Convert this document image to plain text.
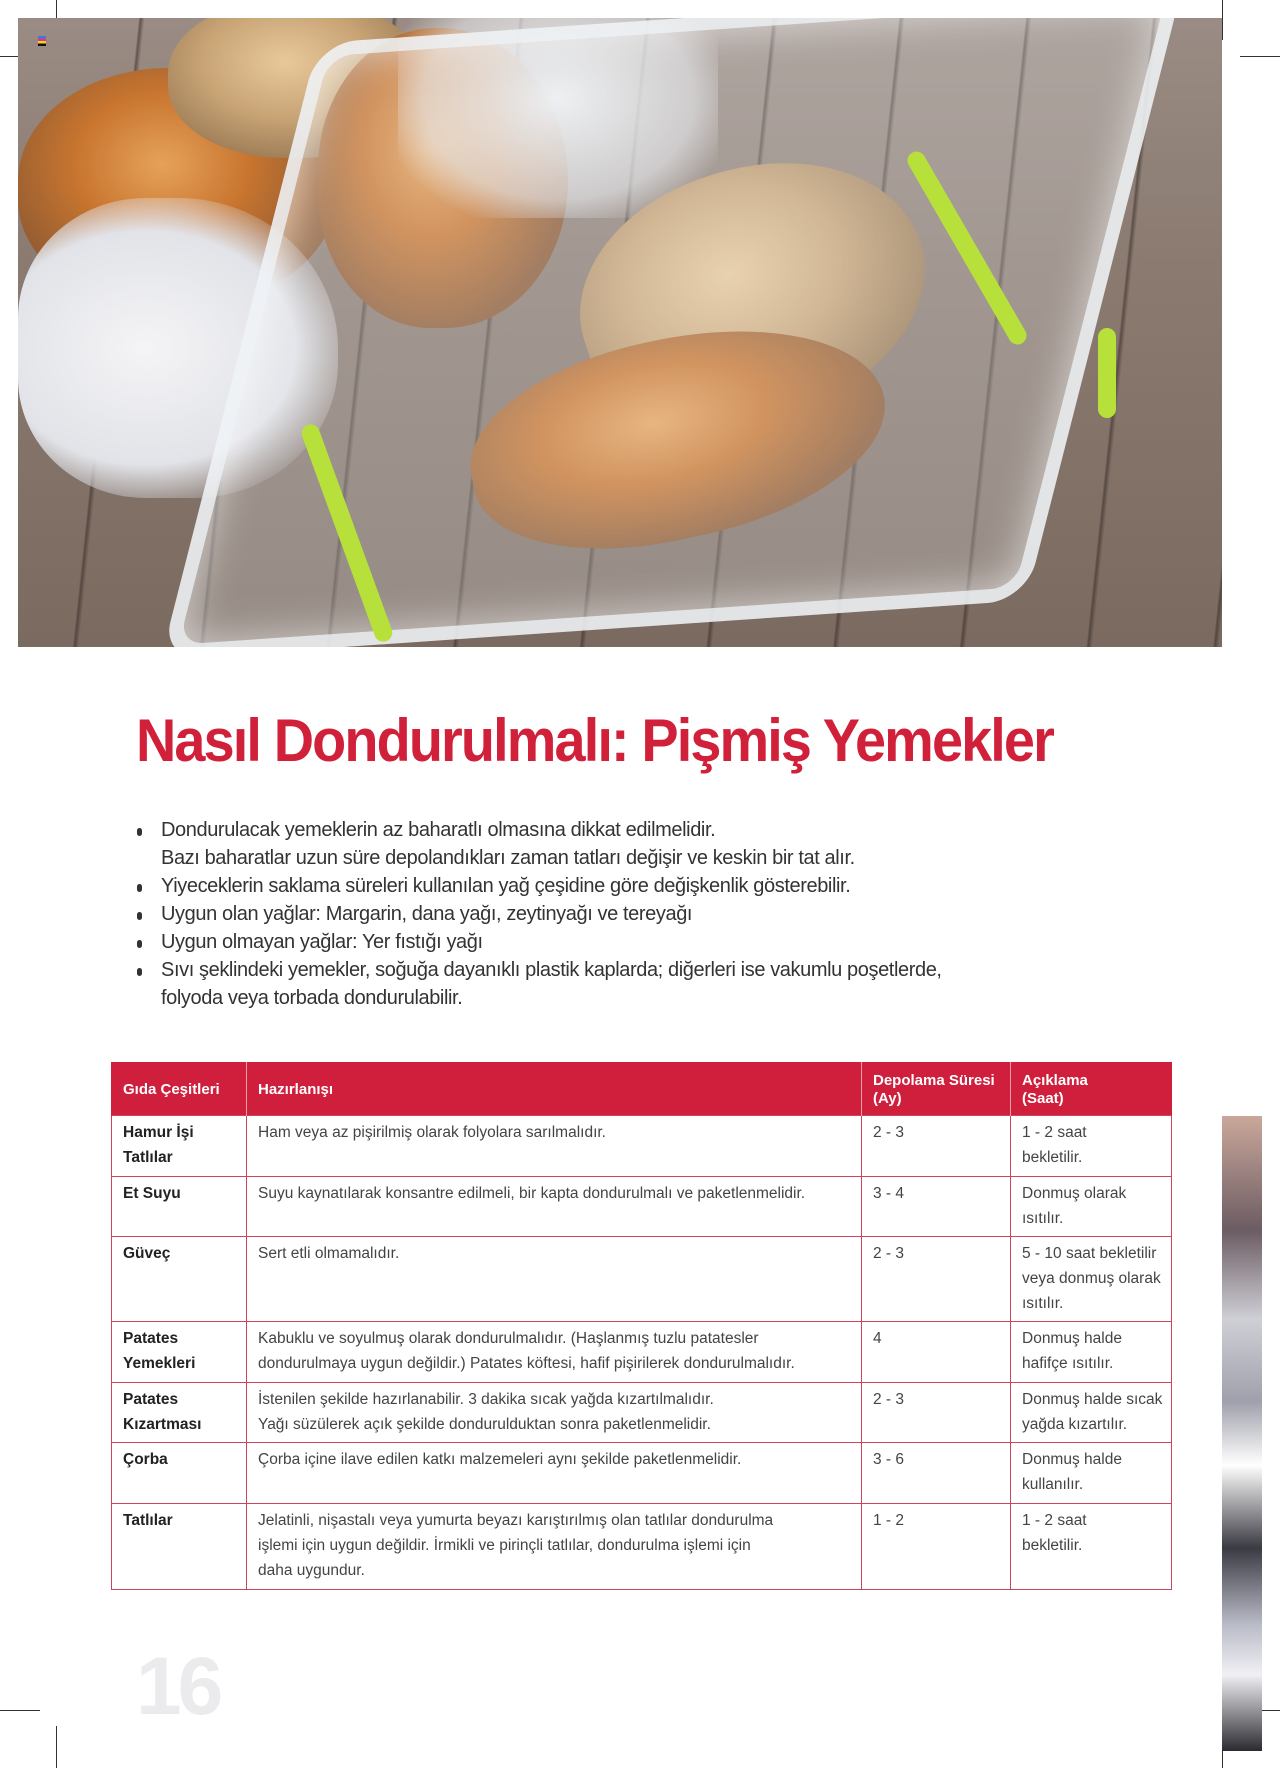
Nasıl Dondurulmalı: Pişmiş Yemekler
Dondurulacak yemeklerin az baharatlı olmasına dikkat edilmelidir.
Bazı baharatlar uzun süre depolandıkları zaman tatları değişir ve keskin bir tat alır.
Yiyeceklerin saklama süreleri kullanılan yağ çeşidine göre değişkenlik gösterebilir.
Uygun olan yağlar: Margarin, dana yağı, zeytinyağı ve tereyağı
Uygun olmayan yağlar: Yer fıstığı yağı
Sıvı şeklindeki yemekler, soğuğa dayanıklı plastik kaplarda; diğerleri ise vakumlu poşetlerde,
folyoda veya torbada dondurulabilir.
Gıda Çeşitleri	Hazırlanışı	Depolama Süresi
(Ay)	Açıklama
(Saat)

Hamur İşi
Tatlılar	Ham veya az pişirilmiş olarak folyolara sarılmalıdır.	2 - 3	1 - 2 saat
bekletilir.

Et Suyu	Suyu kaynatılarak konsantre edilmeli, bir kapta dondurulmalı ve paketlenmelidir.	3 - 4	Donmuş olarak
ısıtılır.

Güveç	Sert etli olmamalıdır.	2 - 3	5 - 10 saat bekletilir
veya donmuş olarak
ısıtılır.

Patates
Yemekleri	Kabuklu ve soyulmuş olarak dondurulmalıdır. (Haşlanmış tuzlu patatesler
dondurulmaya uygun değildir.) Patates köftesi, hafif pişirilerek dondurulmalıdır.	4	Donmuş halde
hafifçe ısıtılır.

Patates
Kızartması	İstenilen şekilde hazırlanabilir. 3 dakika sıcak yağda kızartılmalıdır.
Yağı süzülerek açık şekilde dondurulduktan sonra paketlenmelidir.	2 - 3	Donmuş halde sıcak
yağda kızartılır.

Çorba	Çorba içine ilave edilen katkı malzemeleri aynı şekilde paketlenmelidir.	3 - 6	Donmuş halde
kullanılır.

Tatlılar	Jelatinli, nişastalı veya yumurta beyazı karıştırılmış olan tatlılar dondurulma
işlemi için uygun değildir. İrmikli ve pirinçli tatlılar, dondurulma işlemi için
daha uygundur.	1 - 2	1 - 2 saat
bekletilir.
16
